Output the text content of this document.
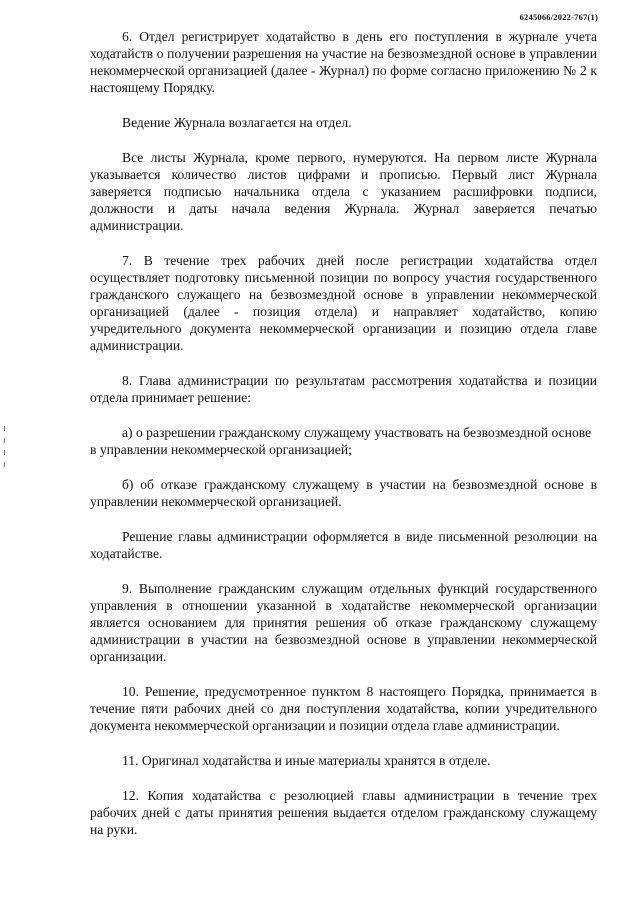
6245066/2022-767(1)

6. Отдел регистрирует ходатайство в день его поступления в журнале учета ходатайств о получении разрешения на участие на безвозмездной основе в управлении некоммерческой организацией (далее - Журнал) по форме согласно приложению № 2 к настоящему Порядку.

Ведение Журнала возлагается на отдел.

Все листы Журнала, кроме первого, нумеруются. На первом листе Журнала указывается количество листов цифрами и прописью. Первый лист Журнала заверяется подписью начальника отдела с указанием расшифровки подписи, должности и даты начала ведения Журнала. Журнал заверяется печатью администрации.

7. В течение трех рабочих дней после регистрации ходатайства отдел осуществляет подготовку письменной позиции по вопросу участия государственного гражданского служащего на безвозмездной основе в управлении некоммерческой организацией (далее - позиция отдела) и направляет ходатайство, копию учредительного документа некоммерческой организации и позицию отдела главе администрации.

8. Глава администрации по результатам рассмотрения ходатайства и позиции отдела принимает решение:

а) о разрешении гражданскому служащему участвовать на безвозмездной основе
в управлении некоммерческой организацией;

б) об отказе гражданскому служащему в участии на безвозмездной основе в управлении некоммерческой организацией.

Решение главы администрации оформляется в виде письменной резолюции на ходатайстве.

9. Выполнение гражданским служащим отдельных функций государственного управления в отношении указанной в ходатайстве некоммерческой организации является основанием для принятия решения об отказе гражданскому служащему администрации в участии на безвозмездной основе в управлении некоммерческой организации.

10. Решение, предусмотренное пунктом 8 настоящего Порядка, принимается в течение пяти рабочих дней со дня поступления ходатайства, копии учредительного документа некоммерческой организации и позиции отдела главе администрации.

11. Оригинал ходатайства и иные материалы хранятся в отделе.

12. Копия ходатайства с резолюцией главы администрации в течение трех рабочих дней с даты принятия решения выдается отделом гражданскому служащему на руки.
